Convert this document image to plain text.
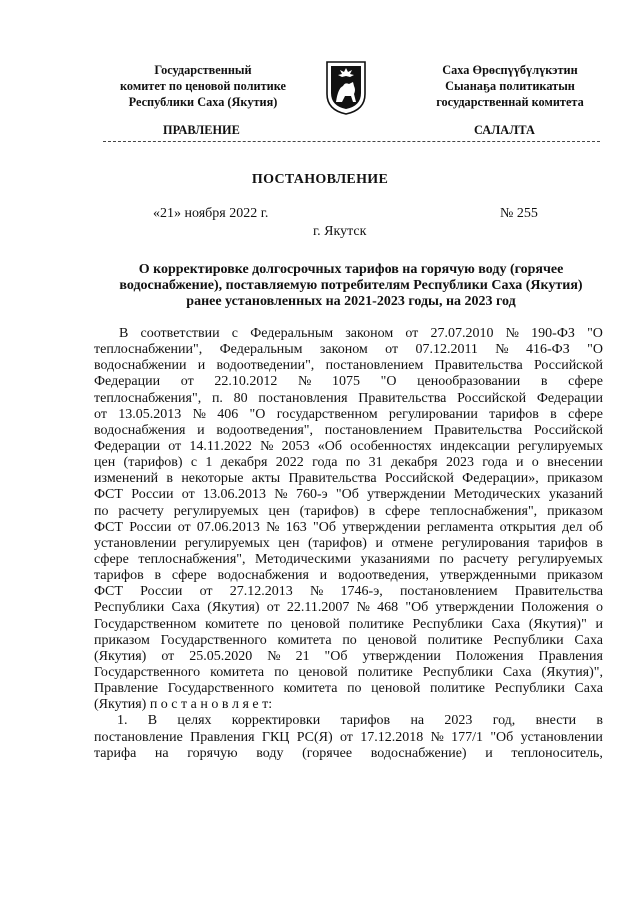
Государственный
комитет по ценовой политике
Республики Саха (Якутия)
Саха Өрөспүүбүлүкэтин
Сыанаҕа политикатын
государственнай комитета
ПРАВЛЕНИЕ	САЛАЛТА
ПОСТАНОВЛЕНИЕ
«21» ноября 2022 г.	№ 255
г. Якутск
О корректировке долгосрочных тарифов на горячую воду (горячее
водоснабжение), поставляемую потребителям Республики Саха (Якутия)
ранее установленных на 2021-2023 годы, на 2023 год
В соответствии с Федеральным законом от 27.07.2010 № 190-ФЗ "О
теплоснабжении", Федеральным законом от 07.12.2011 № 416-ФЗ "О
водоснабжении и водоотведении", постановлением Правительства Российской
Федерации от 22.10.2012 № 1075 "О ценообразовании в сфере
теплоснабжения", п. 80 постановления Правительства Российской Федерации
от 13.05.2013 № 406 "О государственном регулировании тарифов в сфере
водоснабжения и водоотведения", постановлением Правительства Российской
Федерации от 14.11.2022 № 2053 «Об особенностях индексации регулируемых
цен (тарифов) с 1 декабря 2022 года по 31 декабря 2023 года и о внесении
изменений в некоторые акты Правительства Российской Федерации», приказом
ФСТ России от 13.06.2013 № 760-э "Об утверждении Методических указаний
по расчету регулируемых цен (тарифов) в сфере теплоснабжения", приказом
ФСТ России от 07.06.2013 № 163 "Об утверждении регламента открытия дел об
установлении регулируемых цен (тарифов) и отмене регулирования тарифов в
сфере теплоснабжения", Методическими указаниями по расчету регулируемых
тарифов в сфере водоснабжения и водоотведения, утвержденными приказом
ФСТ России от 27.12.2013 № 1746-э, постановлением Правительства
Республики Саха (Якутия) от 22.11.2007 № 468 "Об утверждении Положения о
Государственном комитете по ценовой политике Республики Саха (Якутия)" и
приказом Государственного комитета по ценовой политике Республики Саха
(Якутия) от 25.05.2020 № 21 "Об утверждении Положения Правления
Государственного комитета по ценовой политике Республики Саха (Якутия)",
Правление Государственного комитета по ценовой политике Республики Саха
(Якутия) п о с т а н о в л я е т:
1. В целях корректировки тарифов на 2023 год, внести в
постановление Правления ГКЦ РС(Я) от 17.12.2018 № 177/1 "Об установлении
тарифа на горячую воду (горячее водоснабжение) и теплоноситель,
